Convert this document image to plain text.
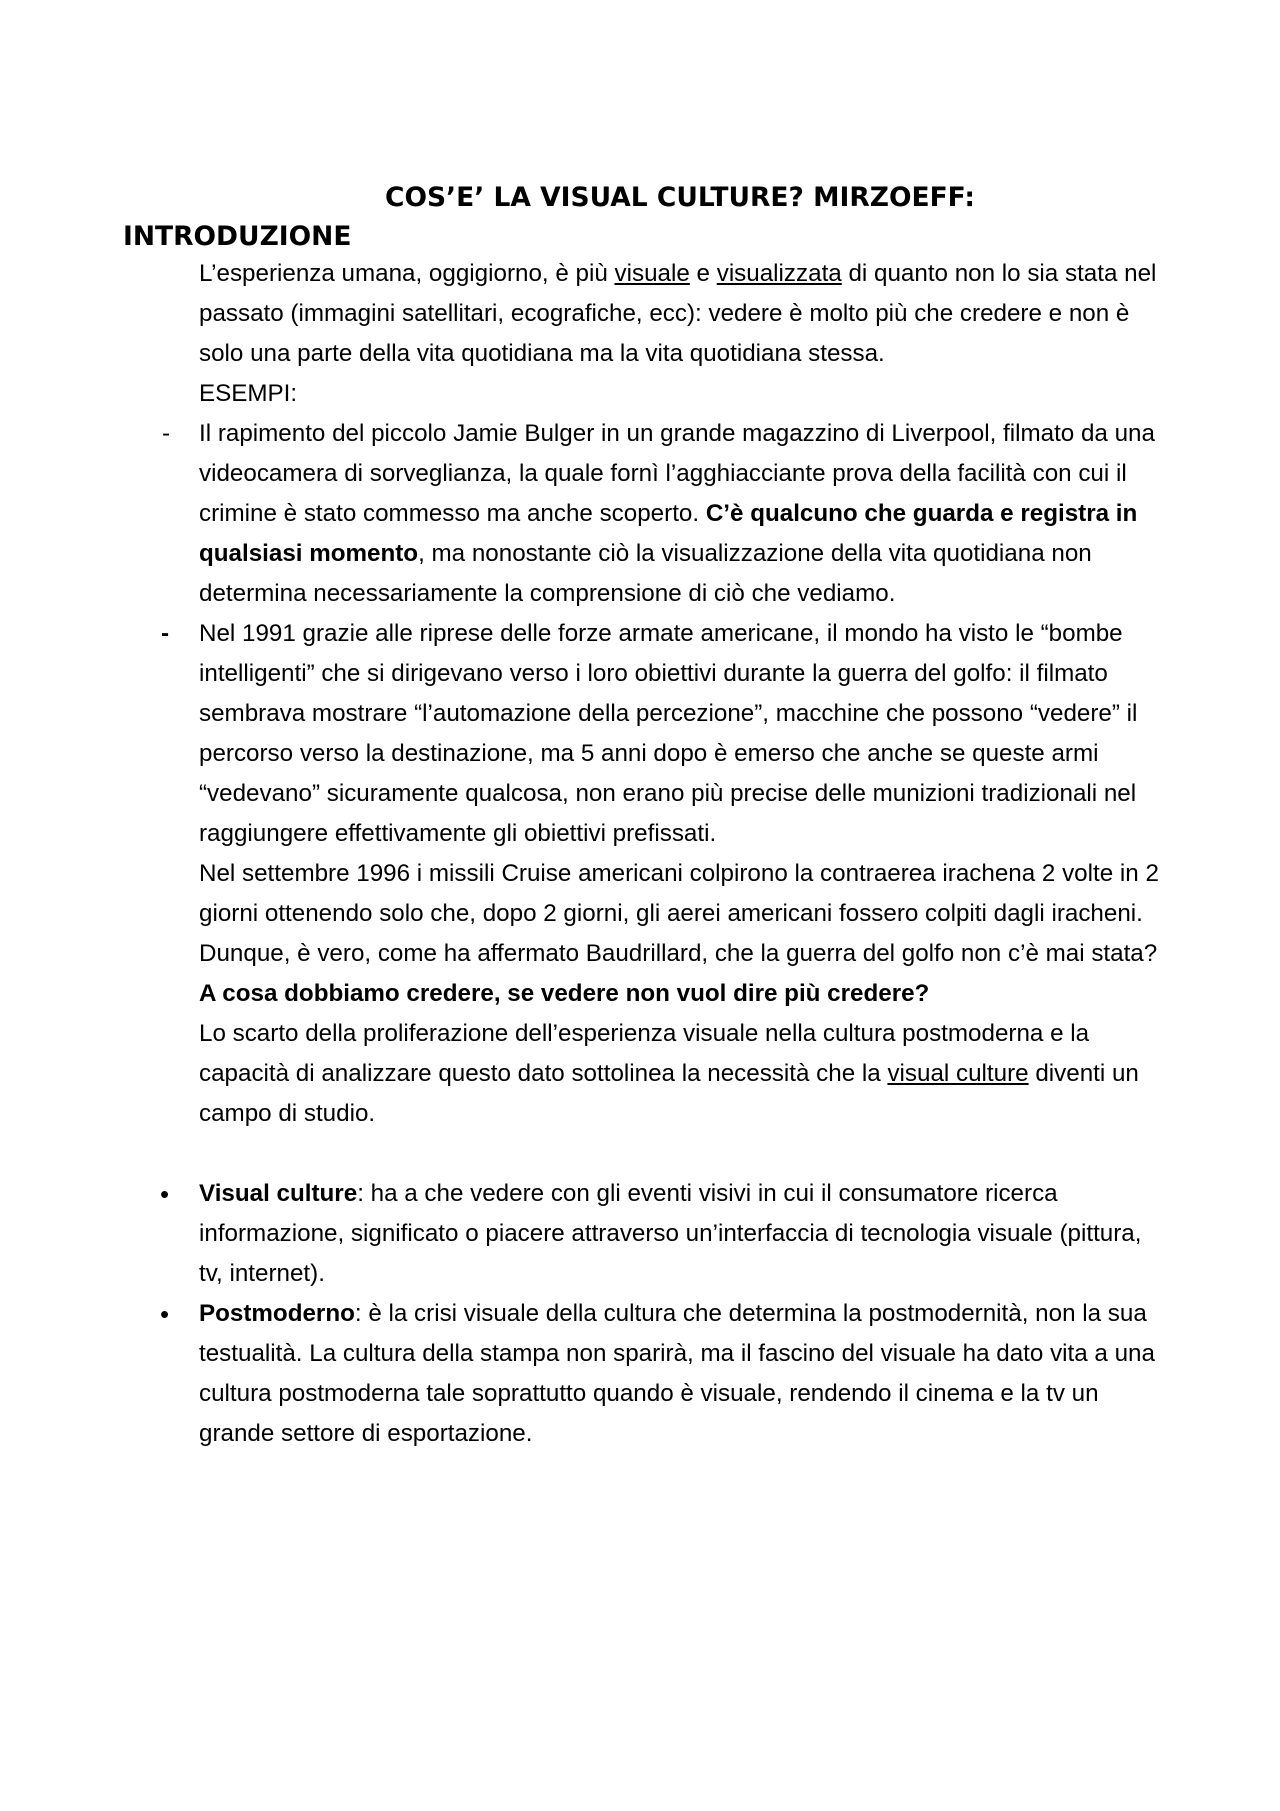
COS’E’ LA VISUAL CULTURE? MIRZOEFF:
INTRODUZIONE

L’esperienza umana, oggigiorno, è più visuale e visualizzata di quanto non lo sia stata nel passato (immagini satellitari, ecografiche, ecc): vedere è molto più che credere e non è solo una parte della vita quotidiana ma la vita quotidiana stessa.

ESEMPI:

-	Il rapimento del piccolo Jamie Bulger in un grande magazzino di Liverpool, filmato da una videocamera di sorveglianza, la quale fornì l’agghiacciante prova della facilità con cui il crimine è stato commesso ma anche scoperto. C’è qualcuno che guarda e registra in qualsiasi momento, ma nonostante ciò la visualizzazione della vita quotidiana non determina necessariamente la comprensione di ciò che vediamo.

-	Nel 1991 grazie alle riprese delle forze armate americane, il mondo ha visto le “bombe intelligenti” che si dirigevano verso i loro obiettivi durante la guerra del golfo: il filmato sembrava mostrare “l’automazione della percezione”, macchine che possono “vedere” il percorso verso la destinazione, ma 5 anni dopo è emerso che anche se queste armi “vedevano” sicuramente qualcosa, non erano più precise delle munizioni tradizionali nel raggiungere effettivamente gli obiettivi prefissati.

Nel settembre 1996 i missili Cruise americani colpirono la contraerea irachena 2 volte in 2 giorni ottenendo solo che, dopo 2 giorni, gli aerei americani fossero colpiti dagli iracheni.

Dunque, è vero, come ha affermato Baudrillard, che la guerra del golfo non c’è mai stata? A cosa dobbiamo credere, se vedere non vuol dire più credere?

Lo scarto della proliferazione dell’esperienza visuale nella cultura postmoderna e la capacità di analizzare questo dato sottolinea la necessità che la visual culture diventi un campo di studio.

•	Visual culture: ha a che vedere con gli eventi visivi in cui il consumatore ricerca informazione, significato o piacere attraverso un’interfaccia di tecnologia visuale (pittura, tv, internet).

•	Postmoderno: è la crisi visuale della cultura che determina la postmodernità, non la sua testualità. La cultura della stampa non sparirà, ma il fascino del visuale ha dato vita a una cultura postmoderna tale soprattutto quando è visuale, rendendo il cinema e la tv un grande settore di esportazione.
